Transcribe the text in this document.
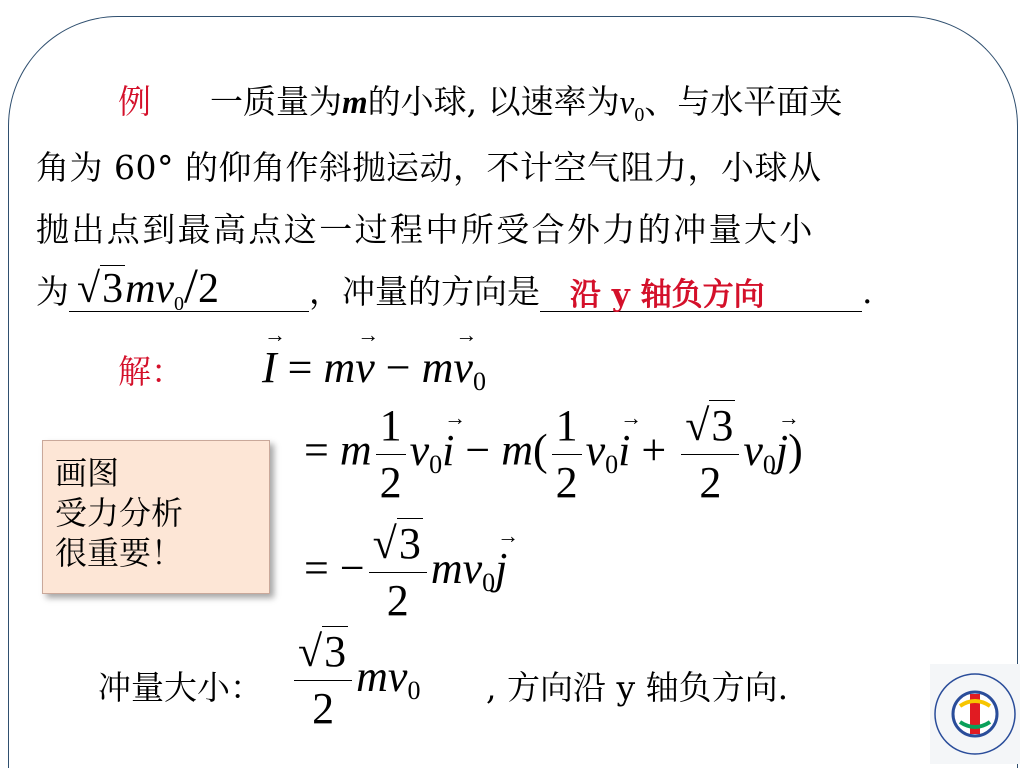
例 一质量为m的小球, 以速率为$v_0$、与水平面夹
角为 60° 的仰角作斜抛运动，不计空气阻力，小球从
抛出点到最高点这一过程中所受合外力的冲量大小
为 $√3mv_0/2$	，冲量的方向是 沿 y 轴负方向	.
解：
→ $I = m\to v - m\to v_0$
= m $\frac{1}{2} v_0\to i - m( \frac{1}{2} v_0\to i + \frac{√3}{2} v_0\to j)$
= − $\frac{√3}{2} mv_0\to j$
画图
受力分析
很重要！
冲量大小： $\frac{√3}{2} mv_0$ , 方向沿 y 轴负方向.
